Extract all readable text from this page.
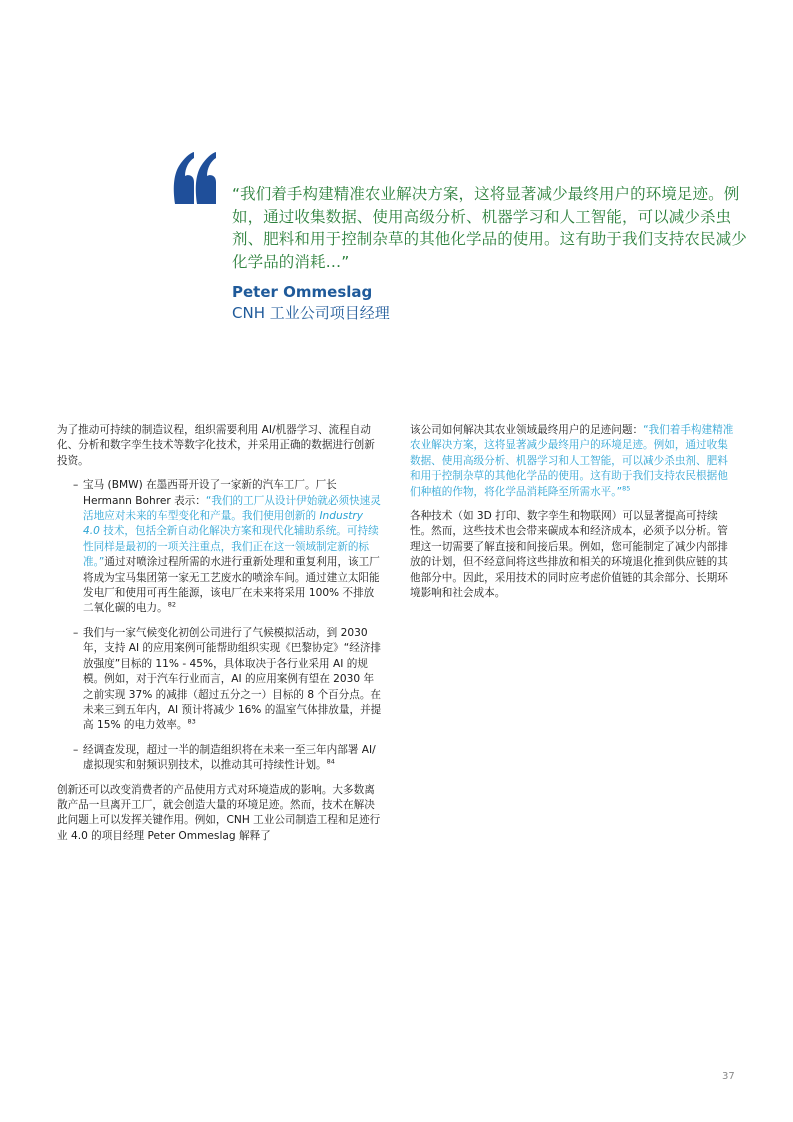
“我们着手构建精准农业解决方案，这将显著减少最终用户的环境足迹。例如，通过收集数据、使用高级分析、机器学习和人工智能，可以减少杀虫剂、肥料和用于控制杂草的其他化学品的使用。这有助于我们支持农民减少化学品的消耗…”
Peter Ommeslag
CNH 工业公司项目经理

为了推动可持续的制造议程，组织需要利用 AI/机器学习、流程自动化、分析和数字孪生技术等数字化技术，并采用正确的数据进行创新投资。

– 宝马 (BMW) 在墨西哥开设了一家新的汽车工厂。厂长 Hermann Bohrer 表示：“我们的工厂从设计伊始就必须快速灵活地应对未来的车型变化和产量。我们使用创新的 Industry 4.0 技术，包括全新自动化解决方案和现代化辅助系统。可持续性同样是最初的一项关注重点，我们正在这一领域制定新的标准。”通过对喷涂过程所需的水进行重新处理和重复利用，该工厂将成为宝马集团第一家无工艺废水的喷涂车间。通过建立太阳能发电厂和使用可再生能源，该电厂在未来将采用 100% 不排放二氧化碳的电力。$^{82}$
– 我们与一家气候变化初创公司进行了气候模拟活动，到 2030 年，支持 AI 的应用案例可能帮助组织实现《巴黎协定》“经济排放强度”目标的 11% - 45%，具体取决于各行业采用 AI 的规模。例如，对于汽车行业而言，AI 的应用案例有望在 2030 年之前实现 37% 的减排（超过五分之一）目标的 8 个百分点。在未来三到五年内，AI 预计将减少 16% 的温室气体排放量，并提高 15% 的电力效率。$^{83}$
– 经调查发现，超过一半的制造组织将在未来一至三年内部署 AI/虚拟现实和射频识别技术，以推动其可持续性计划。$^{84}$

创新还可以改变消费者的产品使用方式对环境造成的影响。大多数离散产品一旦离开工厂，就会创造大量的环境足迹。然而，技术在解决此问题上可以发挥关键作用。例如，CNH 工业公司制造工程和足迹行业 4.0 的项目经理 Peter Ommeslag 解释了

该公司如何解决其农业领域最终用户的足迹问题：“我们着手构建精准农业解决方案，这将显著减少最终用户的环境足迹。例如，通过收集数据、使用高级分析、机器学习和人工智能，可以减少杀虫剂、肥料和用于控制杂草的其他化学品的使用。这有助于我们支持农民根据他们种植的作物，将化学品消耗降至所需水平。”$^{85}$

各种技术（如 3D 打印、数字孪生和物联网）可以显著提高可持续性。然而，这些技术也会带来碳成本和经济成本，必须予以分析。管理这一切需要了解直接和间接后果。例如，您可能制定了减少内部排放的计划，但不经意间将这些排放和相关的环境退化推到供应链的其他部分中。因此，采用技术的同时应考虑价值链的其余部分、长期环境影响和社会成本。

37
